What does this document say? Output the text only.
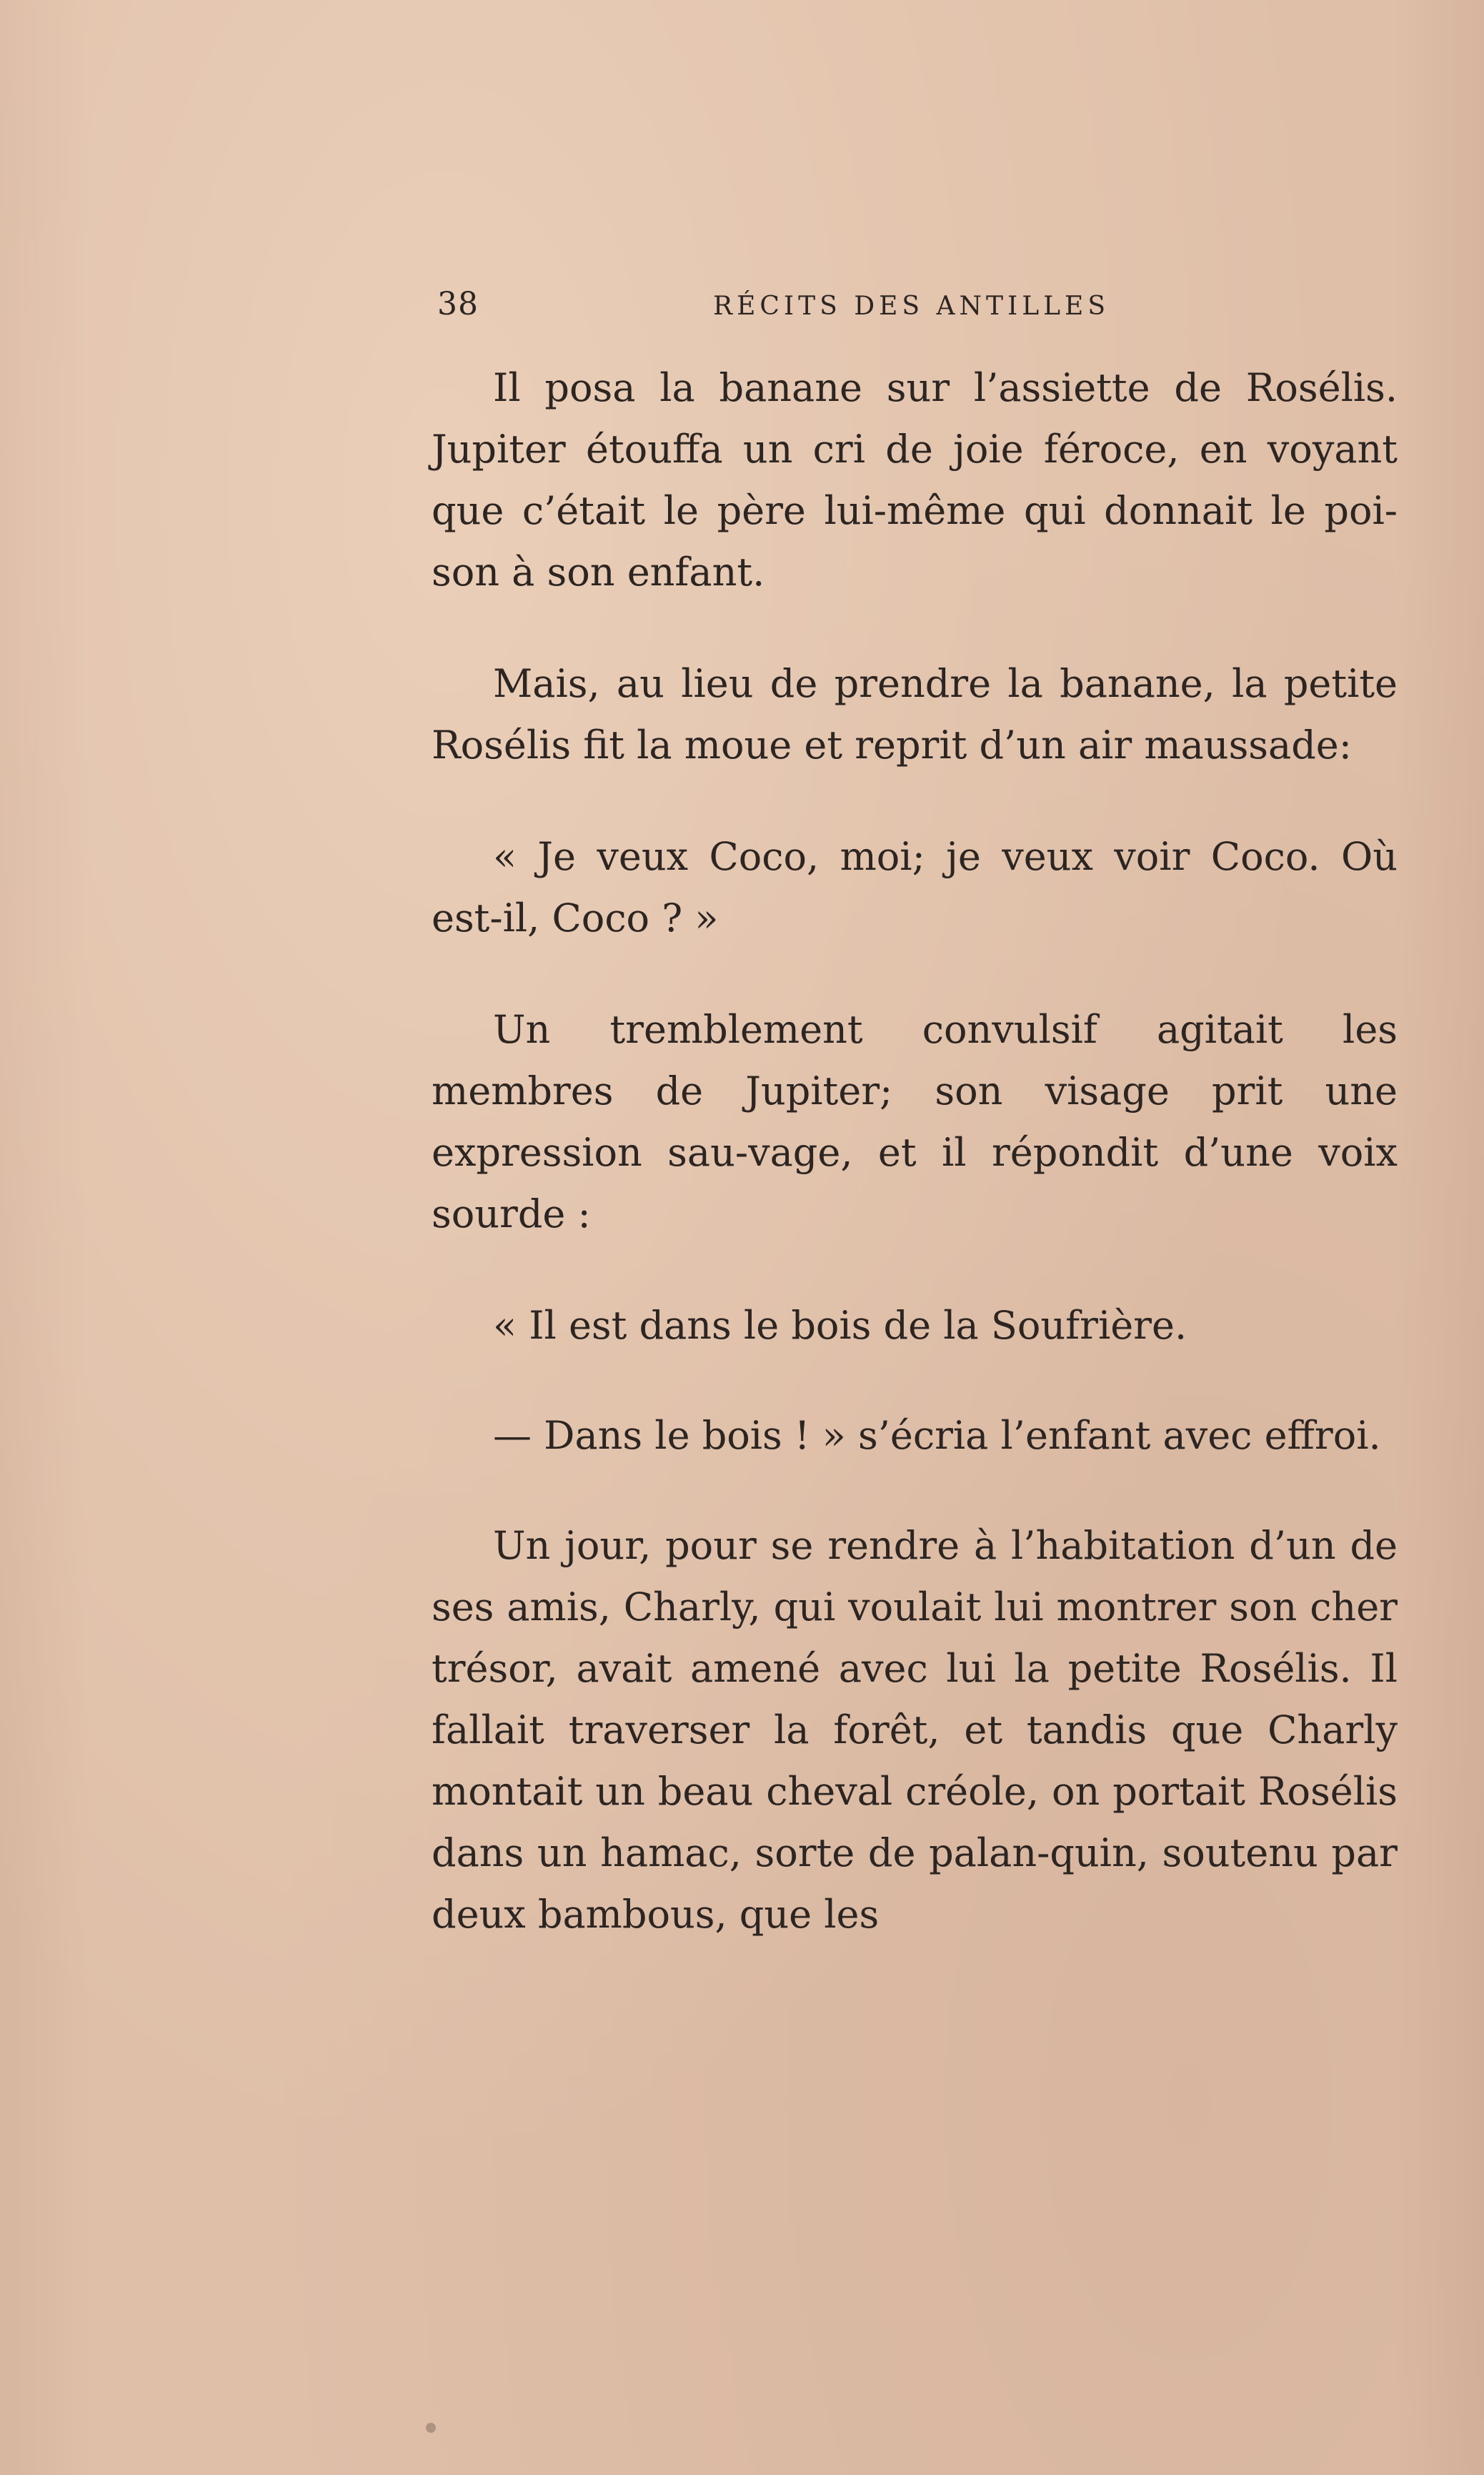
38	RÉCITS DES ANTILLES

Il posa la banane sur l’assiette de Rosélis. Jupiter étouffa un cri de joie féroce, en voyant que c’était le père lui-même qui donnait le poi-son à son enfant.

Mais, au lieu de prendre la banane, la petite Rosélis fit la moue et reprit d’un air maussade:

« Je veux Coco, moi; je veux voir Coco. Où est-il, Coco ? »

Un tremblement convulsif agitait les membres de Jupiter; son visage prit une expression sau-vage, et il répondit d’une voix sourde :

« Il est dans le bois de la Soufrière.

— Dans le bois ! » s’écria l’enfant avec effroi.

Un jour, pour se rendre à l’habitation d’un de ses amis, Charly, qui voulait lui montrer son cher trésor, avait amené avec lui la petite Rosélis. Il fallait traverser la forêt, et tandis que Charly montait un beau cheval créole, on portait Rosélis dans un hamac, sorte de palan-quin, soutenu par deux bambous, que les
